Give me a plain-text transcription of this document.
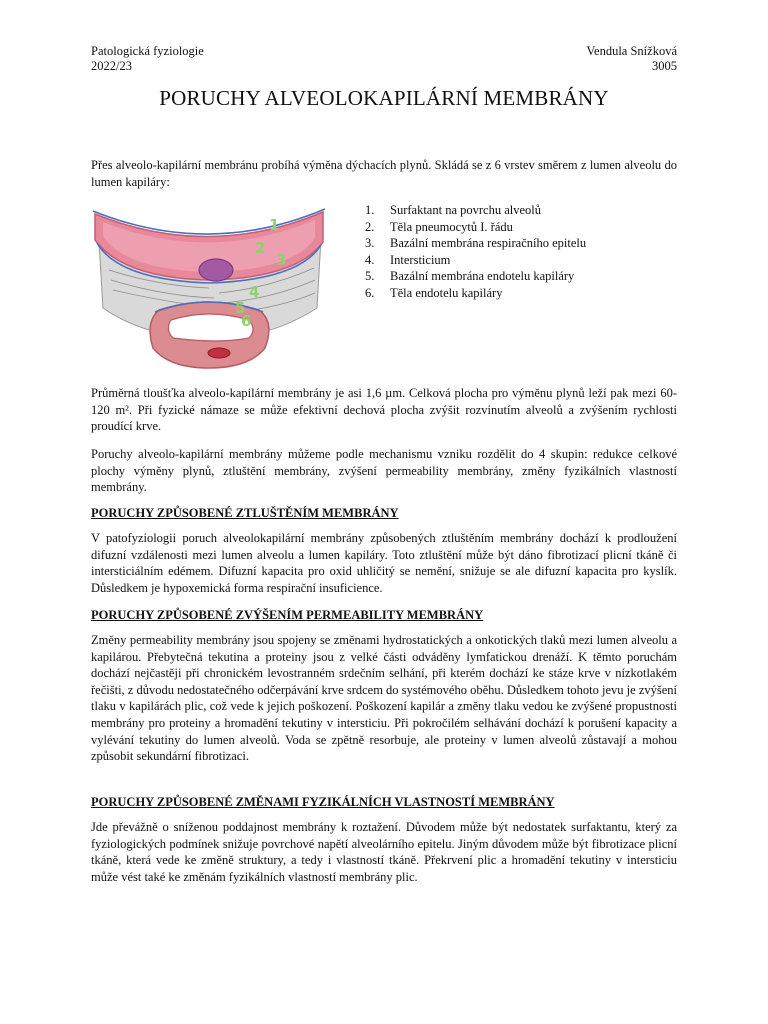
Patologická fyziologie
2022/23
Vendula Snížková
3005
PORUCHY ALVEOLOKAPILÁRNÍ MEMBRÁNY

Přes alveolo-kapilární membránu probíhá výměna dýchacích plynů. Skládá se z 6 vrstev směrem z lumen alveolu do lumen kapiláry:

1
2
3
4
5
6
1. Surfaktant na povrchu alveolů
2. Těla pneumocytů I. řádu
3. Bazální membrána respiračního epitelu
4. Intersticium
5. Bazální membrána endotelu kapiláry
6. Těla endotelu kapiláry

Průměrná tloušťka alveolo-kapilární membrány je asi 1,6 µm. Celková plocha pro výměnu plynů leží pak mezi 60-120 m². Při fyzické námaze se může efektivní dechová plocha zvýšit rozvinutím alveolů a zvýšením rychlosti proudící krve.

Poruchy alveolo-kapilární membrány můžeme podle mechanismu vzniku rozdělit do 4 skupin: redukce celkové plochy výměny plynů, ztluštění membrány, zvýšení permeability membrány, změny fyzikálních vlastností membrány.

PORUCHY ZPŮSOBENÉ ZTLUŠTĚNÍM MEMBRÁNY

V patofyziologii poruch alveolokapilární membrány způsobených ztluštěním membrány dochází k prodloužení difuzní vzdálenosti mezi lumen alveolu a lumen kapiláry. Toto ztluštění může být dáno fibrotizací plicní tkáně či intersticiálním edémem. Difuzní kapacita pro oxid uhličitý se nemění, snižuje se ale difuzní kapacita pro kyslík. Důsledkem je hypoxemická forma respirační insuficience.

PORUCHY ZPŮSOBENÉ ZVÝŠENÍM PERMEABILITY MEMBRÁNY

Změny permeability membrány jsou spojeny se změnami hydrostatických a onkotických tlaků mezi lumen alveolu a kapilárou. Přebytečná tekutina a proteiny jsou z velké části odváděny lymfatickou drenáží. K těmto poruchám dochází nejčastěji při chronickém levostranném srdečním selhání, při kterém dochází ke stáze krve v nízkotlakém řečišti, z důvodu nedostatečného odčerpávání krve srdcem do systémového oběhu. Důsledkem tohoto jevu je zvýšení tlaku v kapilárách plic, což vede k jejich poškození. Poškození kapilár a změny tlaku vedou ke zvýšené propustnosti membrány pro proteiny a hromadění tekutiny v intersticiu. Při pokročilém selhávání dochází k porušení kapacity a vylévání tekutiny do lumen alveolů. Voda se zpětně resorbuje, ale proteiny v lumen alveolů zůstavají a mohou způsobit sekundární fibrotizaci.

PORUCHY ZPŮSOBENÉ ZMĚNAMI FYZIKÁLNÍCH VLASTNOSTÍ MEMBRÁNY

Jde převážně o sníženou poddajnost membrány k roztažení. Důvodem může být nedostatek surfaktantu, který za fyziologických podmínek snižuje povrchové napětí alveolárního epitelu. Jiným důvodem může být fibrotizace plicní tkáně, která vede ke změně struktury, a tedy i vlastností tkáně. Překrvení plic a hromadění tekutiny v intersticiu může vést také ke změnám fyzikálních vlastností membrány plic.
